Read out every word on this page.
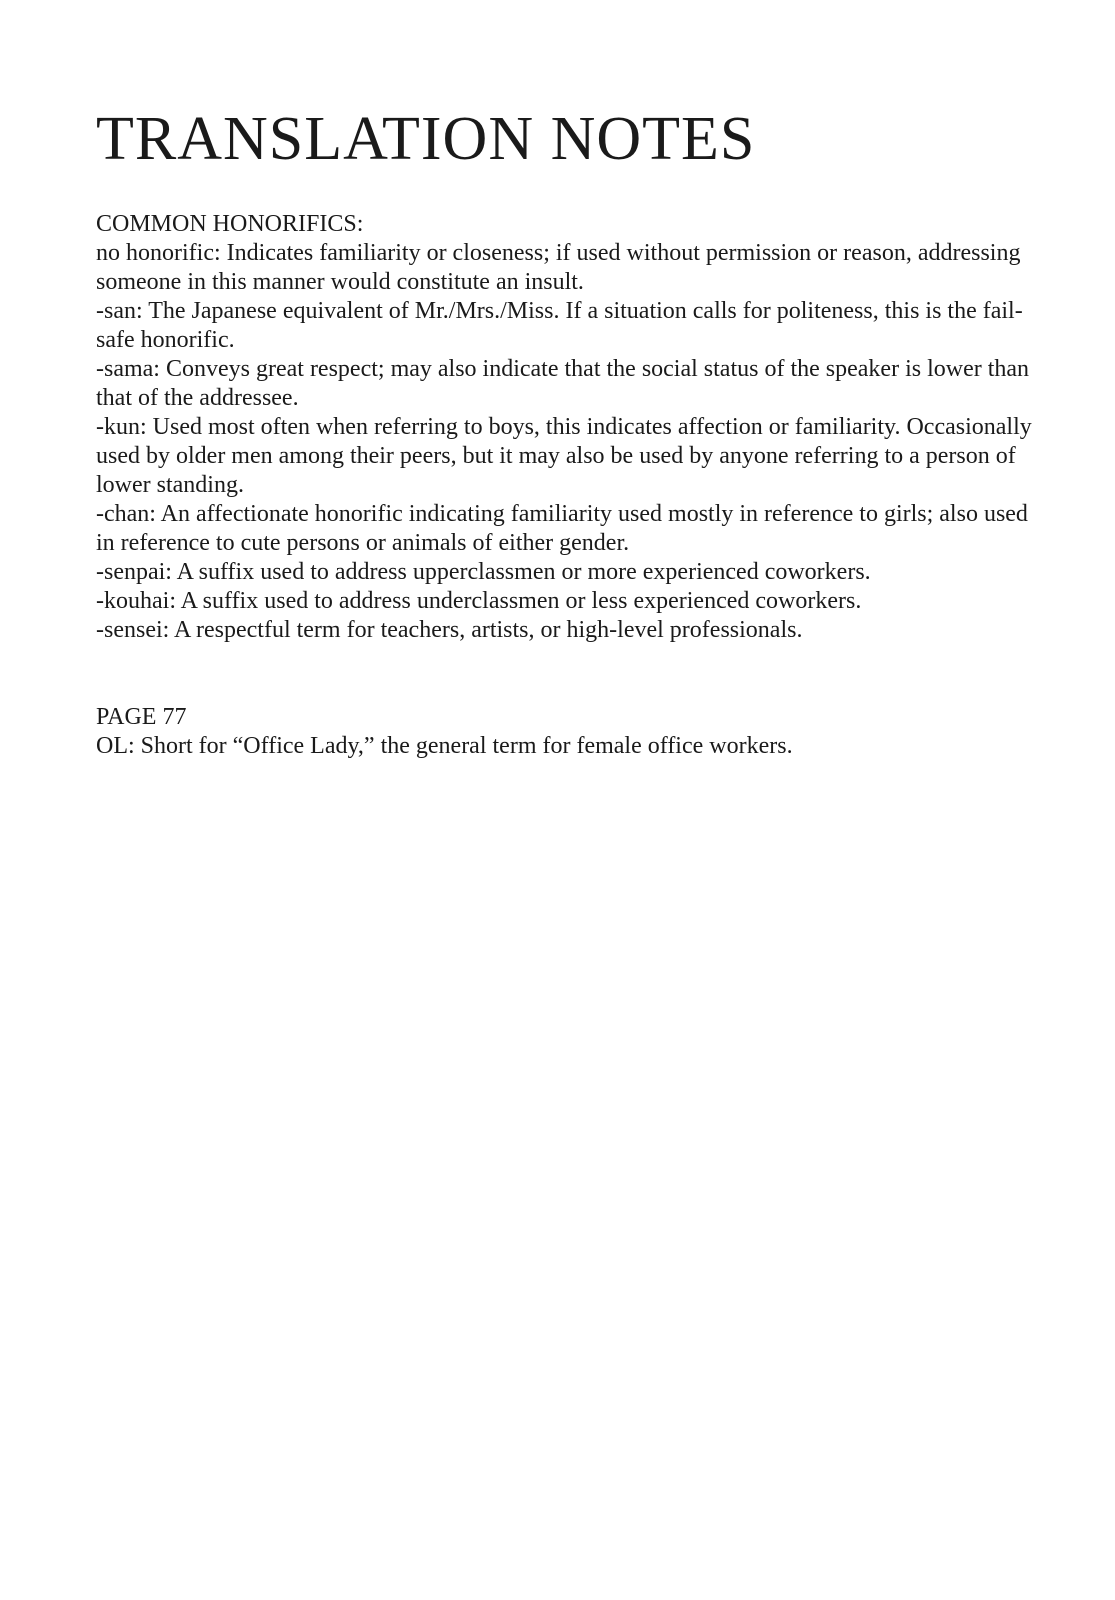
TRANSLATION NOTES

COMMON HONORIFICS:

no honorific: Indicates familiarity or closeness; if used without permission or reason, addressing someone in this manner would constitute an insult.

-san: The Japanese equivalent of Mr./Mrs./Miss. If a situation calls for politeness, this is the fail-safe honorific.

-sama: Conveys great respect; may also indicate that the social status of the speaker is lower than that of the addressee.

-kun: Used most often when referring to boys, this indicates affection or familiarity. Occasionally used by older men among their peers, but it may also be used by anyone referring to a person of lower standing.

-chan: An affectionate honorific indicating familiarity used mostly in reference to girls; also used in reference to cute persons or animals of either gender.

-senpai: A suffix used to address upperclassmen or more experienced coworkers.

-kouhai: A suffix used to address underclassmen or less experienced coworkers.

-sensei: A respectful term for teachers, artists, or high-level professionals.

PAGE 77

OL: Short for “Office Lady,” the general term for female office workers.
